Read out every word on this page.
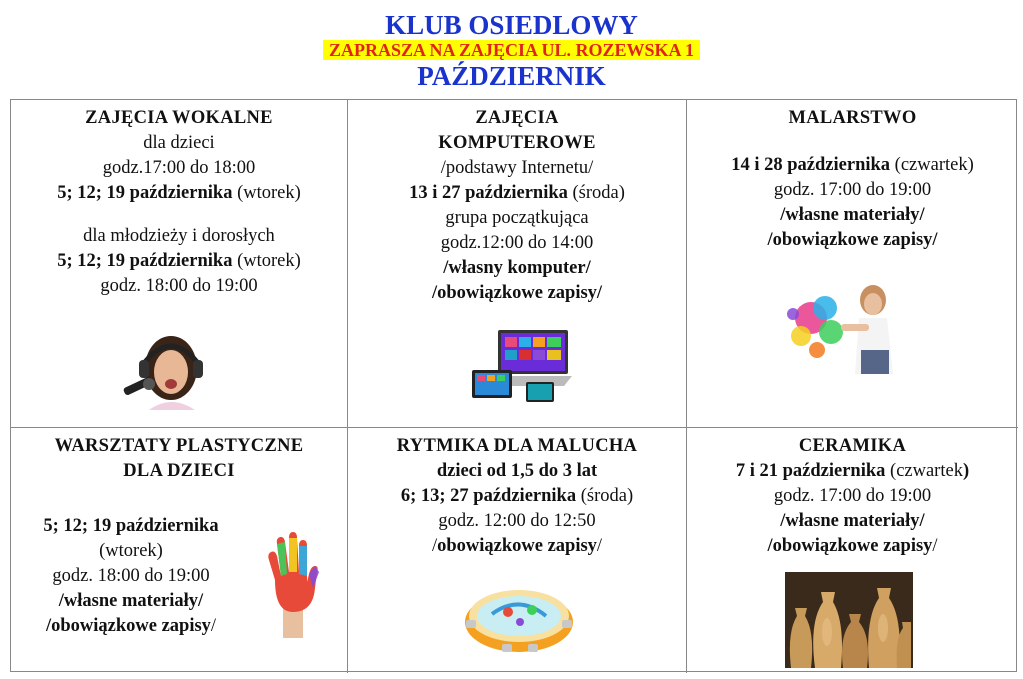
KLUB OSIEDLOWY
ZAPRASZA NA ZAJĘCIA UL. ROZEWSKA 1
PAŹDZIERNIK
ZAJĘCIA WOKALNE
dla dzieci
godz.17:00 do 18:00
5; 12; 19 października (wtorek)
dla młodzieży i dorosłych
5; 12; 19 października (wtorek)
godz. 18:00 do 19:00
ZAJĘCIA
KOMPUTEROWE
/podstawy Internetu/
13 i 27 października (środa)
grupa początkująca
godz.12:00 do 14:00
/własny komputer/
/obowiązkowe zapisy/
MALARSTWO
14 i 28 października (czwartek)
godz. 17:00 do 19:00
/własne materiały/
/obowiązkowe zapisy/
WARSZTATY PLASTYCZNE
DLA DZIECI
5; 12; 19 października
(wtorek)
godz. 18:00 do 19:00
/własne materiały/
/obowiązkowe zapisy/
RYTMIKA DLA MALUCHA
dzieci od 1,5 do 3 lat
6; 13; 27 października (środa)
godz. 12:00 do 12:50
/obowiązkowe zapisy/
CERAMIKA
7 i 21 października (czwartek)
godz. 17:00 do 19:00
/własne materiały/
/obowiązkowe zapisy/
